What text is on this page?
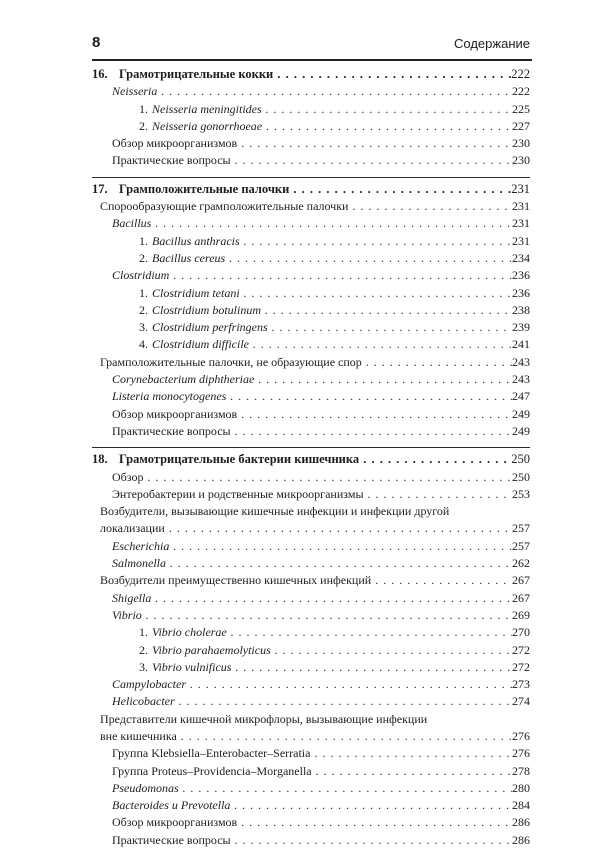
8	Содержание
16. Грамотрицательные кокки . . .	222
Neisseria . . .	222
1. Neisseria meningitides . . .	225
2. Neisseria gonorrhoeae . . .	227
Обзор микроорганизмов . . .	230
Практические вопросы . . .	230
17. Грамположительные палочки . . .	231
Спорообразующие грамположительные палочки . . .	231
Bacillus . . .	231
1. Bacillus anthracis . . .	231
2. Bacillus cereus . . .	234
Clostridium . . .	236
1. Clostridium tetani . . .	236
2. Clostridium botulinum . . .	238
3. Clostridium perfringens . . .	239
4. Clostridium difficile . . .	241
Грамположительные палочки, не образующие спор . . .	243
Corynebacterium diphtheriae . . .	243
Listeria monocytogenes . . .	247
Обзор микроорганизмов . . .	249
Практические вопросы . . .	249
18. Грамотрицательные бактерии кишечника . . .	250
Обзор . . .	250
Энтеробактерии и родственные микроорганизмы . . .	253
Возбудители, вызывающие кишечные инфекции и инфекции другой
локализации . . .	257
Escherichia . . .	257
Salmonella . . .	262
Возбудители преимущественно кишечных инфекций . . .	267
Shigella . . .	267
Vibrio . . .	269
1. Vibrio cholerae . . .	270
2. Vibrio parahaemolyticus . . .	272
3. Vibrio vulnificus . . .	272
Campylobacter . . .	273
Helicobacter . . .	274
Представители кишечной микрофлоры, вызывающие инфекции
вне кишечника . . .	276
Группа Klebsiella–Enterobacter–Serratia . . .	276
Группа Proteus–Providencia–Morganella . . .	278
Pseudomonas . . .	280
Bacteroides и Prevotella . . .	284
Обзор микроорганизмов . . .	286
Практические вопросы . . .	286
